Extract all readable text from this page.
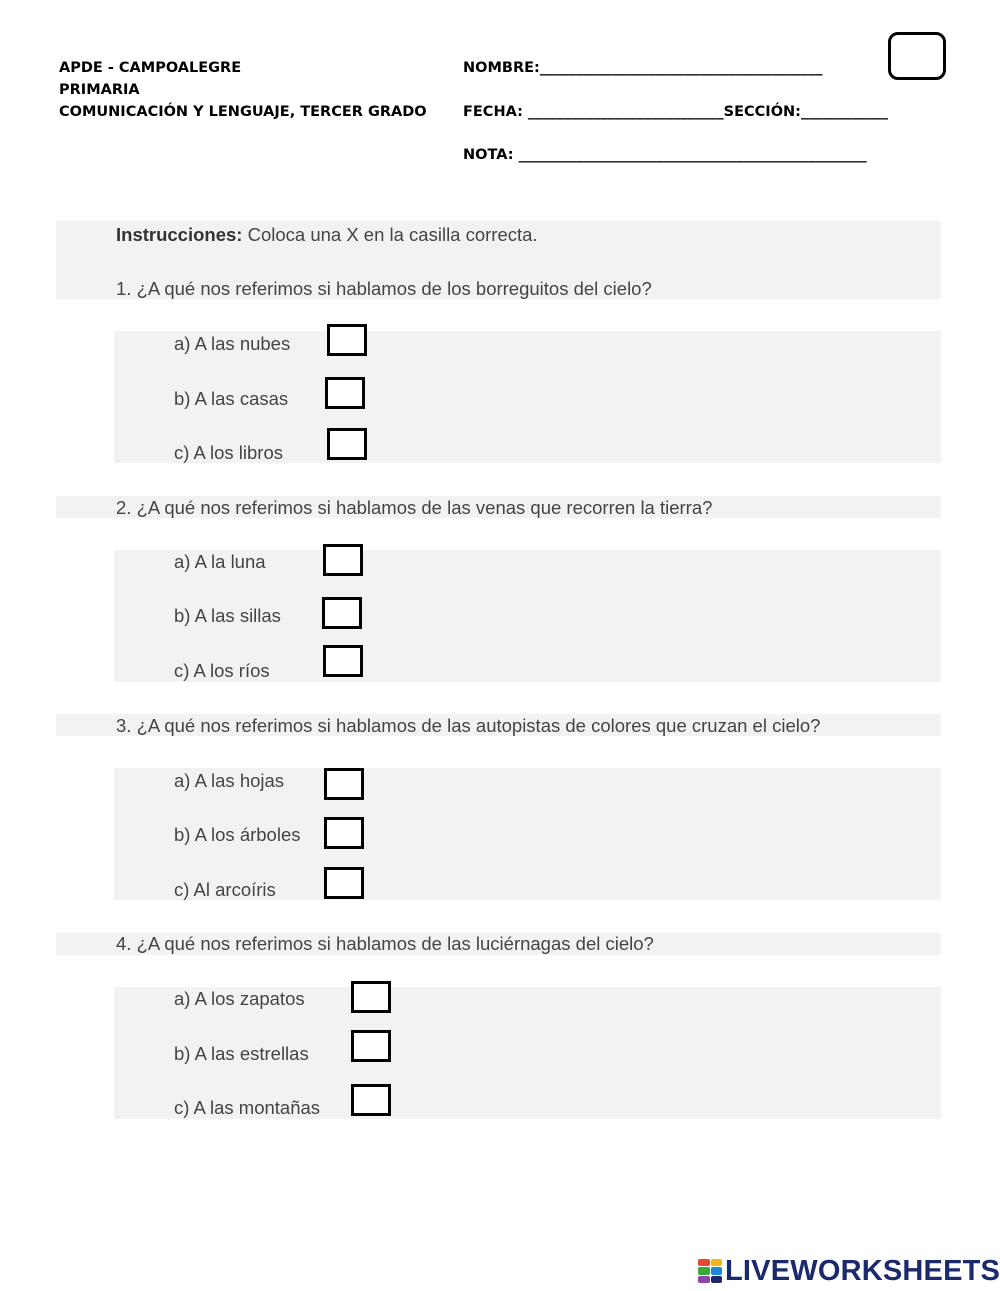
APDE - CAMPOALEGRE
PRIMARIA
COMUNICACIÓN Y LENGUAJE, TERCER GRADO
NOMBRE:_______________________________________
FECHA: ___________________________SECCIÓN:____________
NOTA: ________________________________________________
Instrucciones: Coloca una X en la casilla correcta.
1. ¿A qué nos referimos si hablamos de los borreguitos del cielo?
a) A las nubes
b) A las casas
c) A los libros
2. ¿A qué nos referimos si hablamos de las venas que recorren la tierra?
a) A la luna
b) A las sillas
c) A los ríos
3. ¿A qué nos referimos si hablamos de las autopistas de colores que cruzan el cielo?
a) A las hojas
b) A los árboles
c) Al arcoíris
4. ¿A qué nos referimos si hablamos de las luciérnagas del cielo?
a) A los zapatos
b) A las estrellas
c) A las montañas
LIVEWORKSHEETS
